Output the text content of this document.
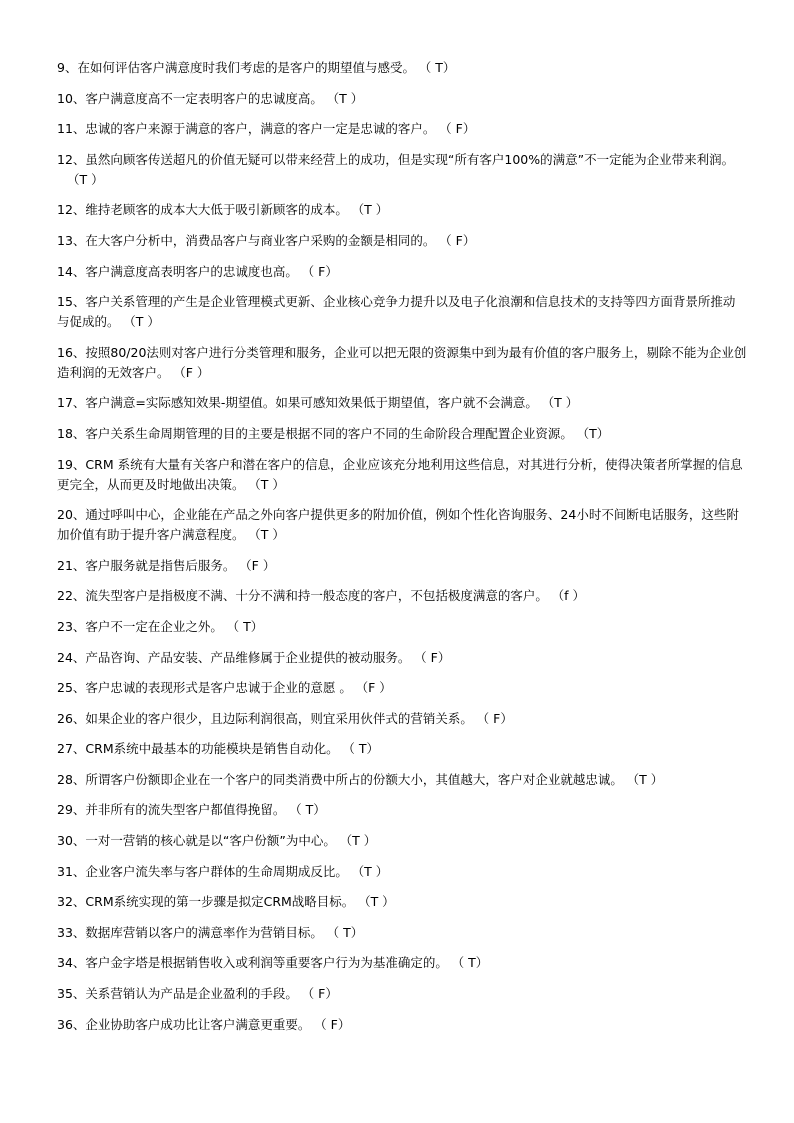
9、在如何评估客户满意度时我们考虑的是客户的期望值与感受。 （ T）
10、客户满意度高不一定表明客户的忠诚度高。 （T ）
11、忠诚的客户来源于满意的客户，满意的客户一定是忠诚的客户。 （ F）
12、虽然向顾客传送超凡的价值无疑可以带来经营上的成功，但是实现“所有客户100%的满意”不一定能为企业带来利润。（T ）
12、维持老顾客的成本大大低于吸引新顾客的成本。 （T ）
13、在大客户分析中，消费品客户与商业客户采购的金额是相同的。 （ F）
14、客户满意度高表明客户的忠诚度也高。 （ F）
15、客户关系管理的产生是企业管理模式更新、企业核心竞争力提升以及电子化浪潮和信息技术的支持等四方面背景所推动与促成的。 （T ）
16、按照80/20法则对客户进行分类管理和服务，企业可以把无限的资源集中到为最有价值的客户服务上，剔除不能为企业创造利润的无效客户。 （F ）
17、客户满意=实际感知效果-期望值。如果可感知效果低于期望值，客户就不会满意。 （T ）
18、客户关系生命周期管理的目的主要是根据不同的客户不同的生命阶段合理配置企业资源。 （T）
19、CRM 系统有大量有关客户和潜在客户的信息，企业应该充分地利用这些信息，对其进行分析，使得决策者所掌握的信息更完全，从而更及时地做出决策。 （T ）
20、通过呼叫中心，企业能在产品之外向客户提供更多的附加价值，例如个性化咨询服务、24小时不间断电话服务，这些附加价值有助于提升客户满意程度。 （T ）
21、客户服务就是指售后服务。 （F ）
22、流失型客户是指极度不满、十分不满和持一般态度的客户，不包括极度满意的客户。 （f ）
23、客户不一定在企业之外。 （ T）
24、产品咨询、产品安装、产品维修属于企业提供的被动服务。 （ F）
25、客户忠诚的表现形式是客户忠诚于企业的意愿 。 （F ）
26、如果企业的客户很少，且边际利润很高，则宜采用伙伴式的营销关系。 （ F）
27、CRM系统中最基本的功能模块是销售自动化。 （ T）
28、所谓客户份额即企业在一个客户的同类消费中所占的份额大小，其值越大，客户对企业就越忠诚。 （T ）
29、并非所有的流失型客户都值得挽留。 （ T）
30、一对一营销的核心就是以“客户份额”为中心。 （T ）
31、企业客户流失率与客户群体的生命周期成反比。 （T ）
32、CRM系统实现的第一步骤是拟定CRM战略目标。 （T ）
33、数据库营销以客户的满意率作为营销目标。 （ T）
34、客户金字塔是根据销售收入或利润等重要客户行为为基准确定的。 （ T）
35、关系营销认为产品是企业盈利的手段。 （ F）
36、企业协助客户成功比让客户满意更重要。 （ F）
